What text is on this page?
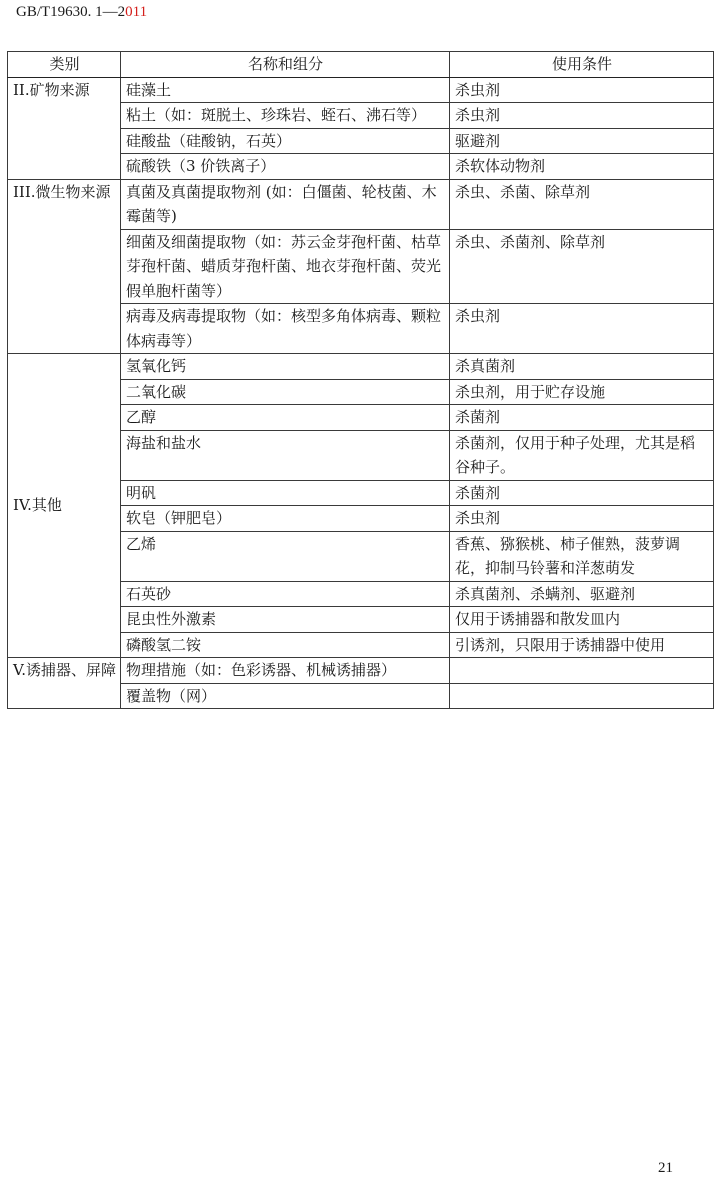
GB/T19630. 1—2011
类别	名称和组分	使用条件
II.矿物来源	硅藻土	杀虫剂
	粘土（如：斑脱土、珍珠岩、蛭石、沸石等）	杀虫剂
	硅酸盐（硅酸钠，石英）	驱避剂
	硫酸铁（3 价铁离子）	杀软体动物剂
III.微生物来源	真菌及真菌提取物剂 (如：白僵菌、轮枝菌、木霉菌等)	杀虫、杀菌、除草剂
	细菌及细菌提取物（如：苏云金芽孢杆菌、枯草芽孢杆菌、蜡质芽孢杆菌、地衣芽孢杆菌、荧光假单胞杆菌等）	杀虫、杀菌剂、除草剂
	病毒及病毒提取物（如：核型多角体病毒、颗粒体病毒等）	杀虫剂
IV.其他	氢氧化钙	杀真菌剂
	二氧化碳	杀虫剂，用于贮存设施
	乙醇	杀菌剂
	海盐和盐水	杀菌剂，仅用于种子处理，尤其是稻谷种子。
	明矾	杀菌剂
	软皂（钾肥皂）	杀虫剂
	乙烯	香蕉、猕猴桃、柿子催熟，菠萝调花，抑制马铃薯和洋葱萌发
	石英砂	杀真菌剂、杀螨剂、驱避剂
	昆虫性外激素	仅用于诱捕器和散发皿内
	磷酸氢二铵	引诱剂，只限用于诱捕器中使用
V.诱捕器、屏障	物理措施（如：色彩诱器、机械诱捕器）	
	覆盖物（网）	
21
